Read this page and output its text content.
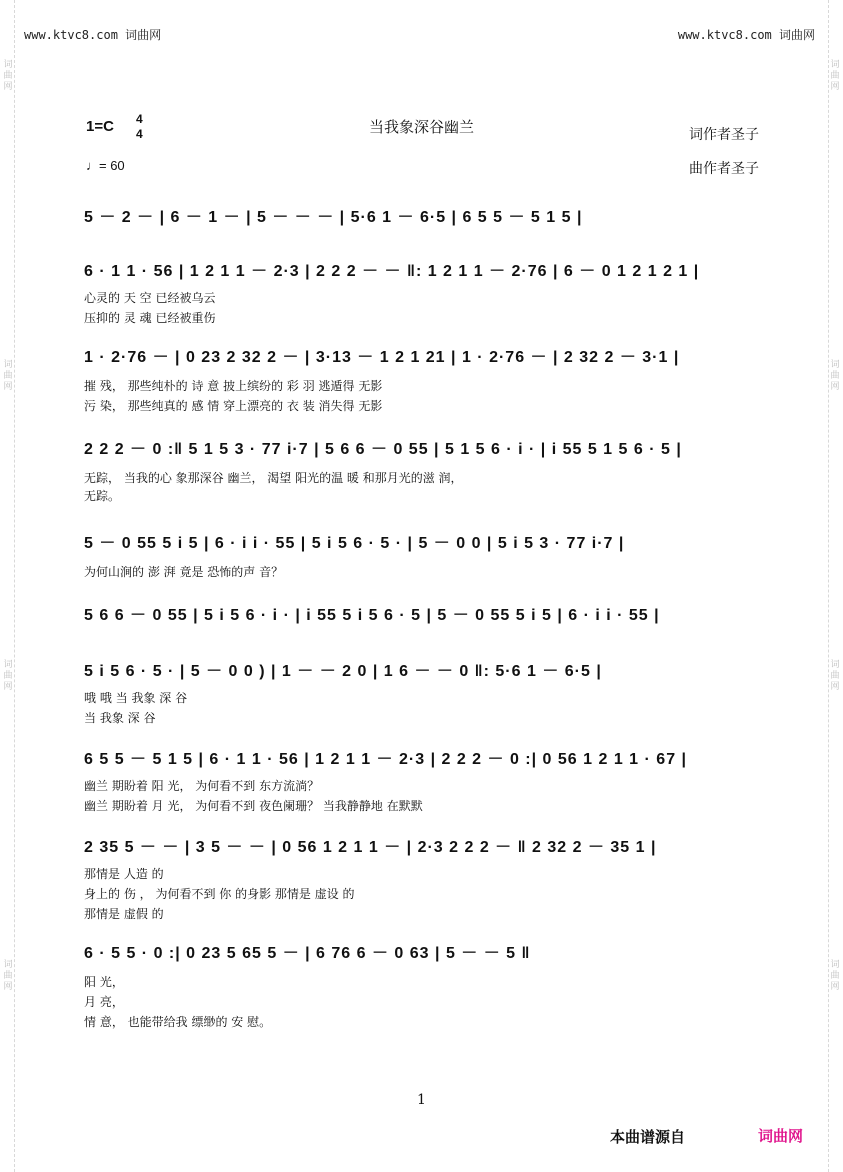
词曲网
词曲网
词曲网
词曲网
词曲网
词曲网
词曲网
词曲网
www.ktvc8.com 词曲网	www.ktvc8.com 词曲网
当我象深谷幽兰
1=C 4
4
♩= 60
词作者圣子
曲作者圣子
5 － 2 － | 6 － 1 － | 5 － － － | 5·6 1 － 6·5 | 6 5 5 － 5 1 5 |
6 · 1 1 · 56 | 1 2 1 1 － 2·3 | 2 2 2 － － ‖: 1 2 1 1 － 2·76 | 6 － 0 1 2 1 2 1 |
心灵的 天 空 已经被乌云
压抑的 灵 魂 已经被重伤
1 · 2·76 － | 0 23 2 32 2 － | 3·13 － 1 2 1 21 | 1 · 2·76 － | 2 32 2 － 3·1 |
摧 残， 那些纯朴的 诗 意 披上缤纷的 彩 羽 逃遁得 无影
污 染， 那些纯真的 感 情 穿上漂亮的 衣 装 消失得 无影
2 2 2 － 0 :‖ 5 1 5 3 · 77 i·7 | 5 6 6 － 0 55 | 5 1 5 6 · i · | i 55 5 1 5 6 · 5 |
无踪， 当我的心 象那深谷 幽兰， 渴望 阳光的温 暖 和那月光的滋 润，
无踪。
5 － 0 55 5 i 5 | 6 · i i · 55 | 5 i 5 6 · 5 · | 5 － 0 0 | 5 i 5 3 · 77 i·7 |
为何山涧的 澎 湃 竟是 恐怖的声 音？
5 6 6 － 0 55 | 5 i 5 6 · i · | i 55 5 i 5 6 · 5 | 5 － 0 55 5 i 5 | 6 · i i · 55 |
5 i 5 6 · 5 · | 5 － 0 0 ) | 1 － － 2 0 | 1 6 － － 0 ‖: 5·6 1 － 6·5 |
哦 哦 当 我象 深 谷
当 我象 深 谷
6 5 5 － 5 1 5 | 6 · 1 1 · 56 | 1 2 1 1 － 2·3 | 2 2 2 － 0 :| 0 56 1 2 1 1 · 67 |
幽兰 期盼着 阳 光， 为何看不到 东方流淌？
幽兰 期盼着 月 光， 为何看不到 夜色阑珊？ 当我静静地 在默默
2 35 5 － － | 3 5 － － | 0 56 1 2 1 1 － | 2·3 2 2 2 － ‖ 2 32 2 － 35 1 |
那情是 人造 的
身上的 伤 ， 为何看不到 你 的身影 那情是 虚设 的
那情是 虚假 的
6 · 5 5 · 0 :| 0 23 5 65 5 － | 6 76 6 － 0 63 | 5 － － 5 ‖
阳 光，
月 亮，
情 意， 也能带给我 缥缈的 安 慰。
1
本曲谱源自	词曲网
